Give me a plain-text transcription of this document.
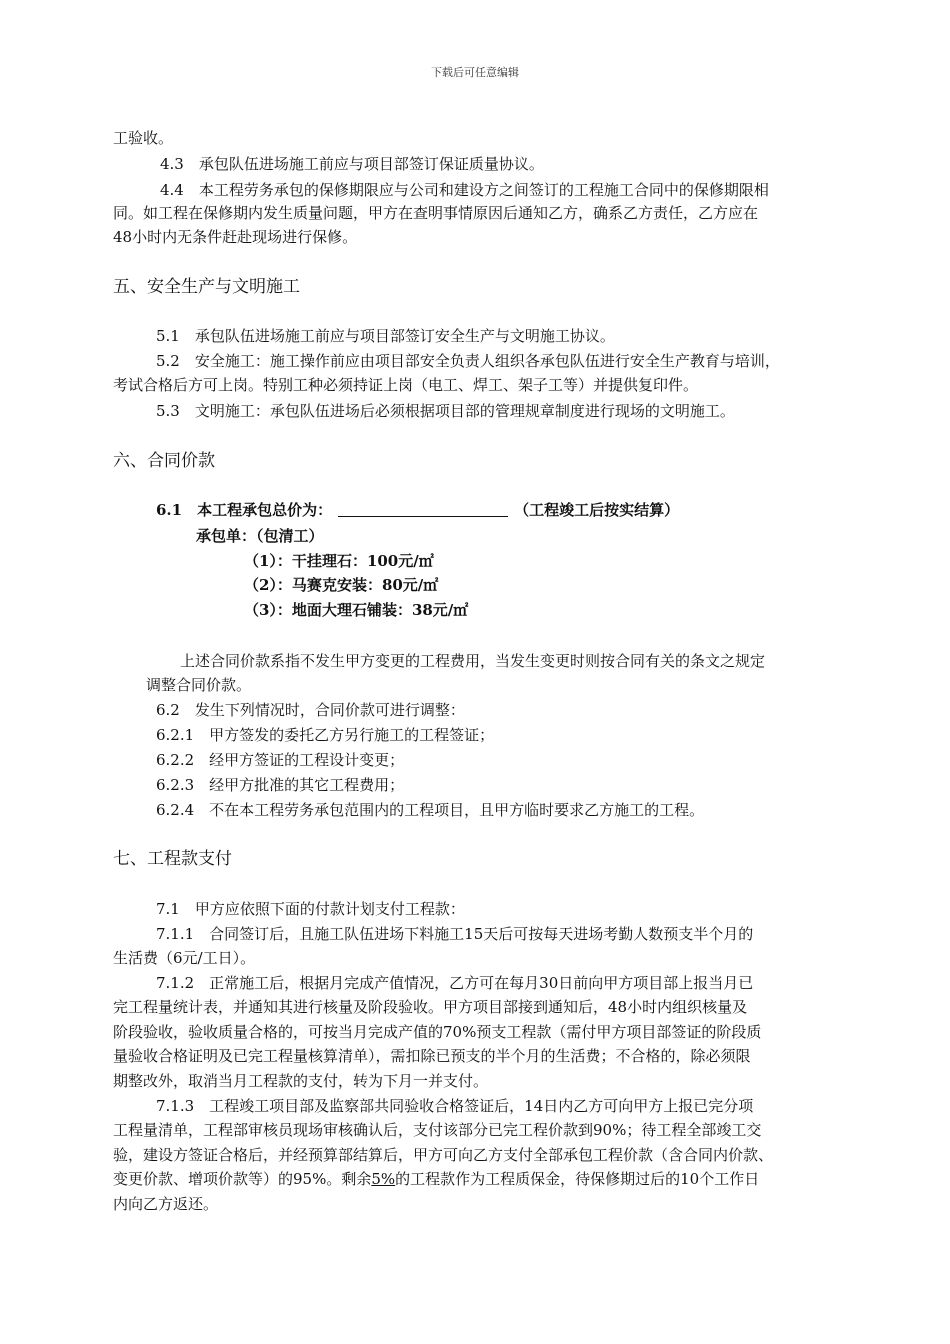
下载后可任意编辑
工验收。
4.3　承包队伍进场施工前应与项目部签订保证质量协议。
4.4　本工程劳务承包的保修期限应与公司和建设方之间签订的工程施工合同中的保修期限相
同。如工程在保修期内发生质量问题，甲方在查明事情原因后通知乙方，确系乙方责任，乙方应在
48小时内无条件赶赴现场进行保修。
五、安全生产与文明施工
5.1　承包队伍进场施工前应与项目部签订安全生产与文明施工协议。
5.2　安全施工：施工操作前应由项目部安全负责人组织各承包队伍进行安全生产教育与培训，
考试合格后方可上岗。特别工种必须持证上岗（电工、焊工、架子工等）并提供复印件。
5.3　文明施工：承包队伍进场后必须根据项目部的管理规章制度进行现场的文明施工。
六、合同价款
6.1　本工程承包总价为：	（工程竣工后按实结算）
承包单：（包清工）
（1）：干挂理石：100元/㎡
（2）：马赛克安装：80元/㎡
（3）：地面大理石铺装：38元/㎡
上述合同价款系指不发生甲方变更的工程费用，当发生变更时则按合同有关的条文之规定
调整合同价款。
6.2　发生下列情况时，合同价款可进行调整：
6.2.1　甲方签发的委托乙方另行施工的工程签证；
6.2.2　经甲方签证的工程设计变更；
6.2.3　经甲方批准的其它工程费用；
6.2.4　不在本工程劳务承包范围内的工程项目，且甲方临时要求乙方施工的工程。
七、工程款支付
7.1　甲方应依照下面的付款计划支付工程款：
7.1.1　合同签订后，且施工队伍进场下料施工15天后可按每天进场考勤人数预支半个月的
生活费（6元/工日）。
7.1.2　正常施工后，根据月完成产值情况，乙方可在每月30日前向甲方项目部上报当月已
完工程量统计表，并通知其进行核量及阶段验收。甲方项目部接到通知后，48小时内组织核量及
阶段验收，验收质量合格的，可按当月完成产值的70%预支工程款（需付甲方项目部签证的阶段质
量验收合格证明及已完工程量核算清单），需扣除已预支的半个月的生活费；不合格的，除必须限
期整改外，取消当月工程款的支付，转为下月一并支付。
7.1.3　工程竣工项目部及监察部共同验收合格签证后，14日内乙方可向甲方上报已完分项
工程量清单，工程部审核员现场审核确认后，支付该部分已完工程价款到90%；待工程全部竣工交
验，建设方签证合格后，并经预算部结算后，甲方可向乙方支付全部承包工程价款（含合同内价款、
变更价款、增项价款等）的95%。剩余5%的工程款作为工程质保金，待保修期过后的10个工作日
内向乙方返还。
